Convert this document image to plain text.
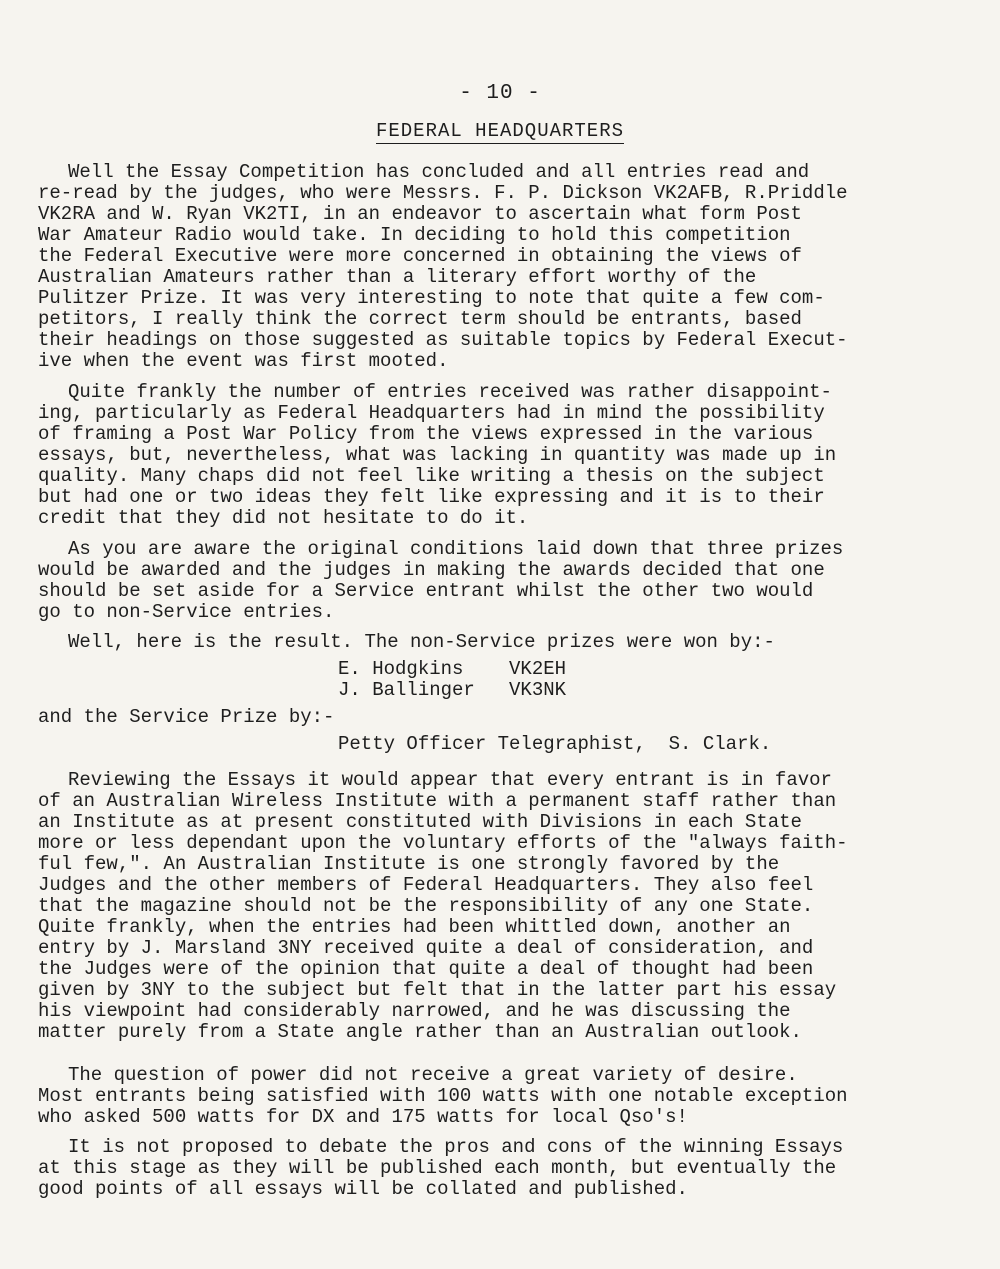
- 10 -
FEDERAL HEADQUARTERS
Well the Essay Competition has concluded and all entries read and
re-read by the judges, who were Messrs. F. P. Dickson VK2AFB, R.Priddle
VK2RA and W. Ryan VK2TI, in an endeavor to ascertain what form Post
War Amateur Radio would take. In deciding to hold this competition
the Federal Executive were more concerned in obtaining the views of
Australian Amateurs rather than a literary effort worthy of the
Pulitzer Prize. It was very interesting to note that quite a few com-
petitors, I really think the correct term should be entrants, based
their headings on those suggested as suitable topics by Federal Execut-
ive when the event was first mooted.
Quite frankly the number of entries received was rather disappoint-
ing, particularly as Federal Headquarters had in mind the possibility
of framing a Post War Policy from the views expressed in the various
essays, but, nevertheless, what was lacking in quantity was made up in
quality. Many chaps did not feel like writing a thesis on the subject
but had one or two ideas they felt like expressing and it is to their
credit that they did not hesitate to do it.
As you are aware the original conditions laid down that three prizes
would be awarded and the judges in making the awards decided that one
should be set aside for a Service entrant whilst the other two would
go to non-Service entries.
Well, here is the result. The non-Service prizes were won by:-
E. Hodgkins    VK2EH
J. Ballinger   VK3NK
and the Service Prize by:-
Petty Officer Telegraphist,  S. Clark.
Reviewing the Essays it would appear that every entrant is in favor
of an Australian Wireless Institute with a permanent staff rather than
an Institute as at present constituted with Divisions in each State
more or less dependant upon the voluntary efforts of the "always faith-
ful few,". An Australian Institute is one strongly favored by the
Judges and the other members of Federal Headquarters. They also feel
that the magazine should not be the responsibility of any one State.
Quite frankly, when the entries had been whittled down, another an
entry by J. Marsland 3NY received quite a deal of consideration, and
the Judges were of the opinion that quite a deal of thought had been
given by 3NY to the subject but felt that in the latter part his essay
his viewpoint had considerably narrowed, and he was discussing the
matter purely from a State angle rather than an Australian outlook.
The question of power did not receive a great variety of desire.
Most entrants being satisfied with 100 watts with one notable exception
who asked 500 watts for DX and 175 watts for local Qso's!
It is not proposed to debate the pros and cons of the winning Essays
at this stage as they will be published each month, but eventually the
good points of all essays will be collated and published.
